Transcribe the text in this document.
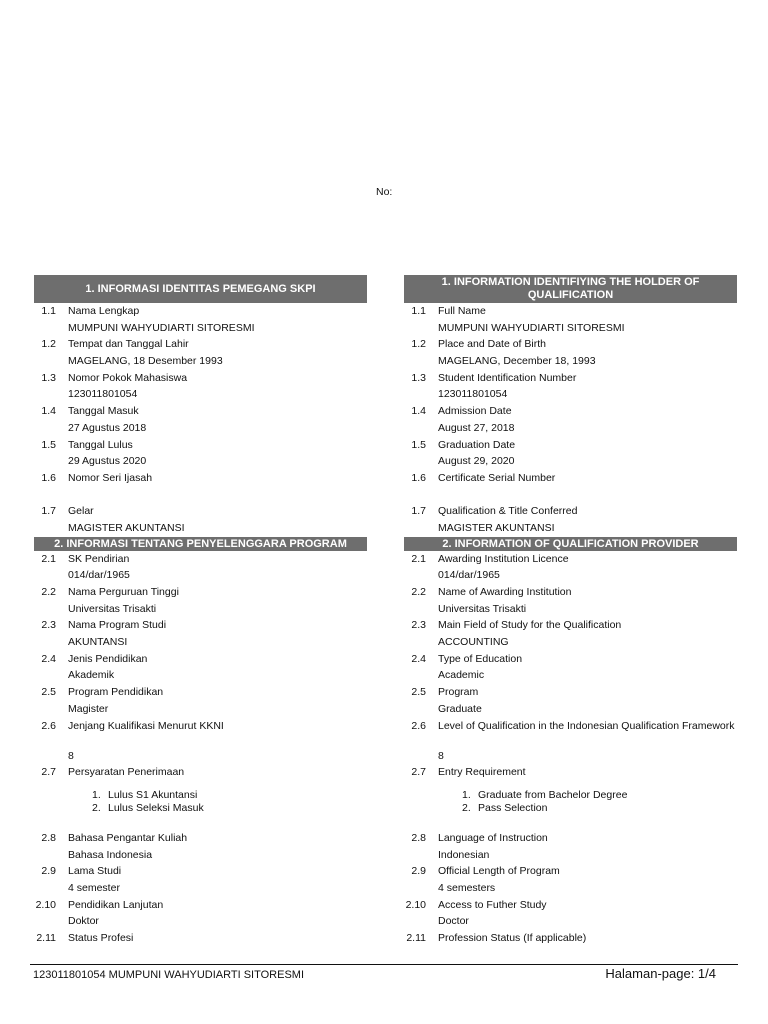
No:
1. INFORMASI IDENTITAS PEMEGANG SKPI
1.1	Nama Lengkap
MUMPUNI WAHYUDIARTI SITORESMI
1.2	Tempat dan Tanggal Lahir
MAGELANG, 18 Desember 1993
1.3	Nomor Pokok Mahasiswa
123011801054
1.4	Tanggal Masuk
27 Agustus 2018
1.5	Tanggal Lulus
29 Agustus 2020
1.6	Nomor Seri Ijasah
1.7	Gelar
MAGISTER AKUNTANSI
2. INFORMASI TENTANG PENYELENGGARA PROGRAM
2.1	SK Pendirian
014/dar/1965
2.2	Nama Perguruan Tinggi
Universitas Trisakti
2.3	Nama Program Studi
AKUNTANSI
2.4	Jenis Pendidikan
Akademik
2.5	Program Pendidikan
Magister
2.6	Jenjang Kualifikasi Menurut KKNI
8
2.7	Persyaratan Penerimaan
1. Lulus S1 Akuntansi
2. Lulus Seleksi Masuk
2.8	Bahasa Pengantar Kuliah
Bahasa Indonesia
2.9	Lama Studi
4 semester
2.10	Pendidikan Lanjutan
Doktor
2.11	Status Profesi
1. INFORMATION IDENTIFIYING THE HOLDER OF QUALIFICATION
1.1	Full Name
MUMPUNI WAHYUDIARTI SITORESMI
1.2	Place and Date of Birth
MAGELANG, December 18, 1993
1.3	Student Identification Number
123011801054
1.4	Admission Date
August 27, 2018
1.5	Graduation Date
August 29, 2020
1.6	Certificate Serial Number
1.7	Qualification & Title Conferred
MAGISTER AKUNTANSI
2. INFORMATION OF QUALIFICATION PROVIDER
2.1	Awarding Institution Licence
014/dar/1965
2.2	Name of Awarding Institution
Universitas Trisakti
2.3	Main Field of Study for the Qualification
ACCOUNTING
2.4	Type of Education
Academic
2.5	Program
Graduate
2.6	Level of Qualification in the Indonesian Qualification Framework
8
2.7	Entry Requirement
1. Graduate from Bachelor Degree
2. Pass Selection
2.8	Language of Instruction
Indonesian
2.9	Official Length of Program
4 semesters
2.10	Access to Futher Study
Doctor
2.11	Profession Status (If applicable)
123011801054 MUMPUNI WAHYUDIARTI SITORESMI	Halaman-page: 1/4
